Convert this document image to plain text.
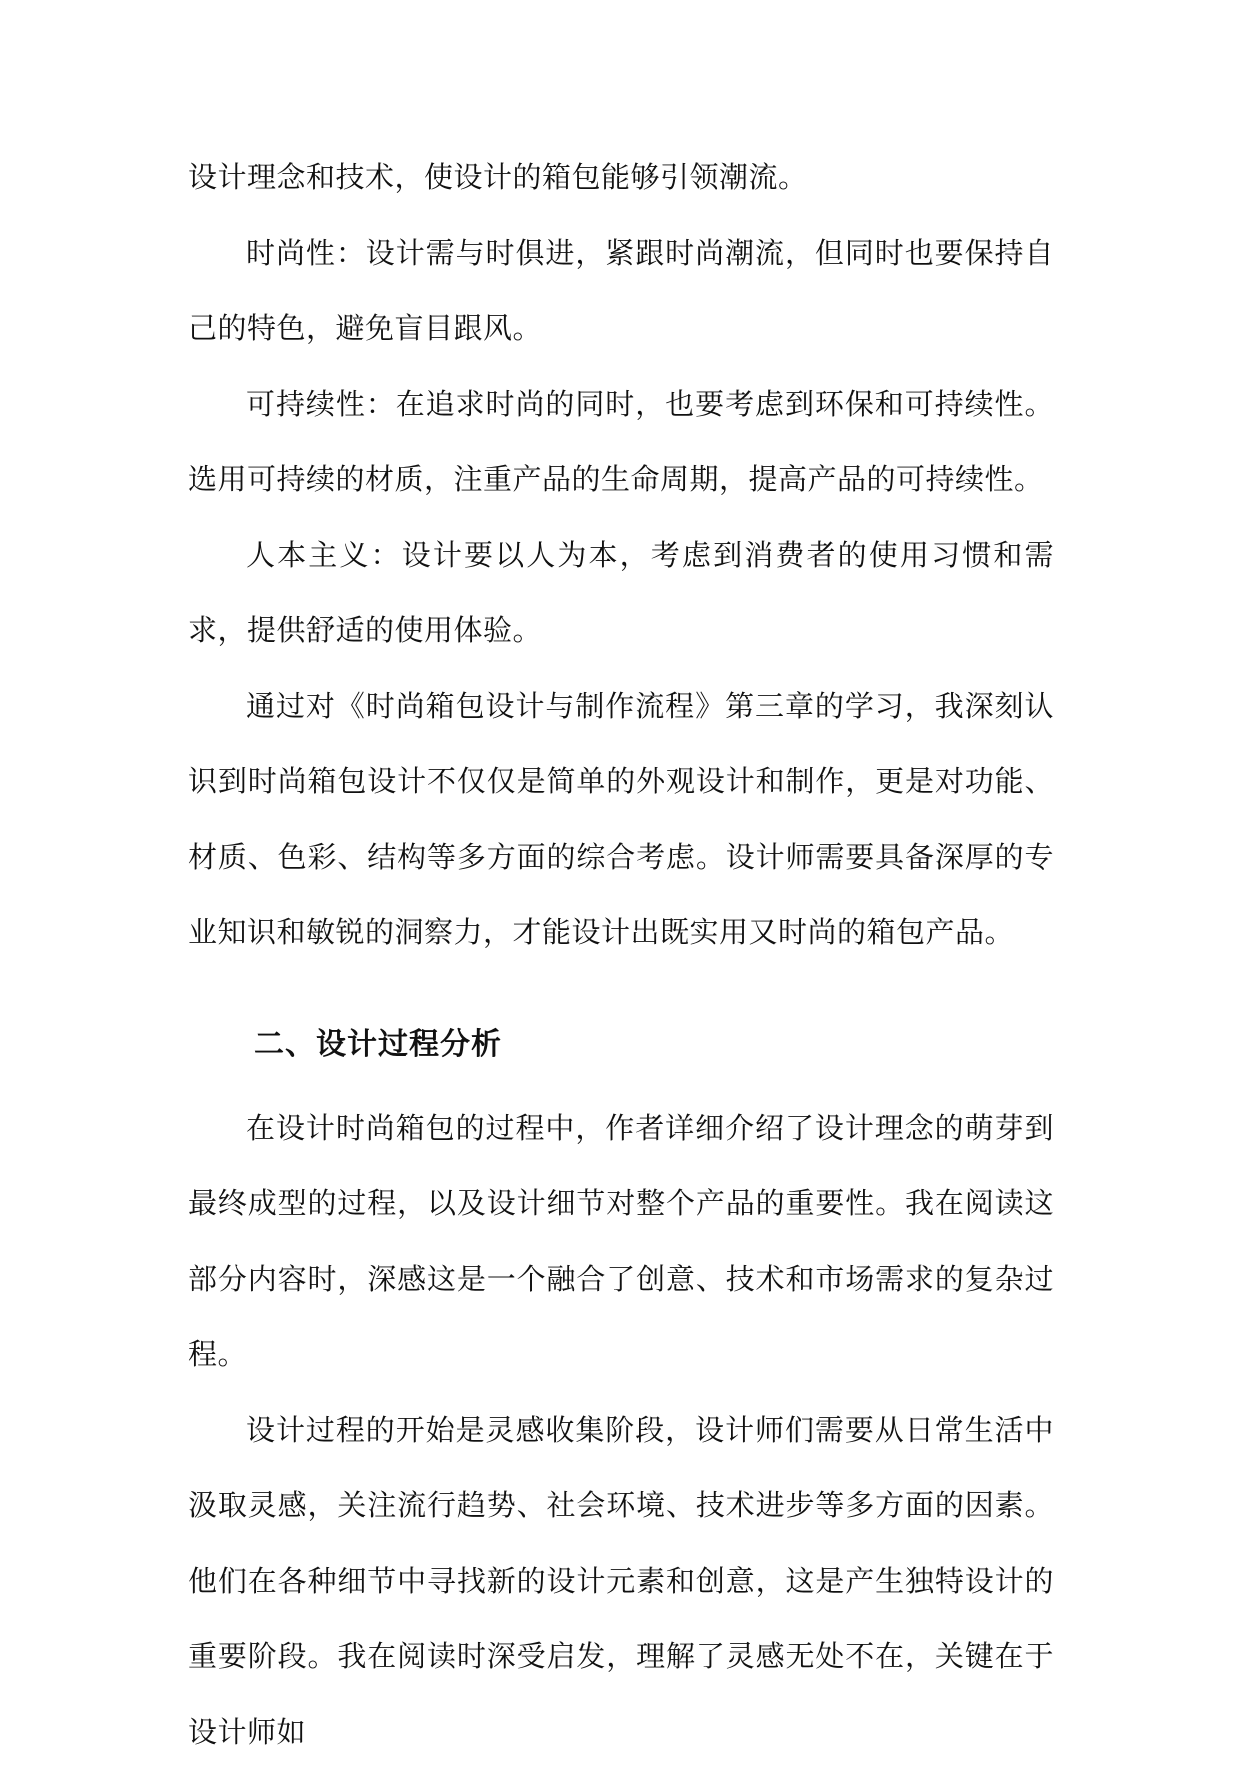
设计理念和技术，使设计的箱包能够引领潮流。

时尚性：设计需与时俱进，紧跟时尚潮流，但同时也要保持自己的特色，避免盲目跟风。

可持续性：在追求时尚的同时，也要考虑到环保和可持续性。选用可持续的材质，注重产品的生命周期，提高产品的可持续性。

人本主义：设计要以人为本，考虑到消费者的使用习惯和需求，提供舒适的使用体验。

通过对《时尚箱包设计与制作流程》第三章的学习，我深刻认识到时尚箱包设计不仅仅是简单的外观设计和制作，更是对功能、材质、色彩、结构等多方面的综合考虑。设计师需要具备深厚的专业知识和敏锐的洞察力，才能设计出既实用又时尚的箱包产品。

二、设计过程分析

在设计时尚箱包的过程中，作者详细介绍了设计理念的萌芽到最终成型的过程，以及设计细节对整个产品的重要性。我在阅读这部分内容时，深感这是一个融合了创意、技术和市场需求的复杂过程。

设计过程的开始是灵感收集阶段，设计师们需要从日常生活中汲取灵感，关注流行趋势、社会环境、技术进步等多方面的因素。他们在各种细节中寻找新的设计元素和创意，这是产生独特设计的重要阶段。我在阅读时深受启发，理解了灵感无处不在，关键在于设计师如
